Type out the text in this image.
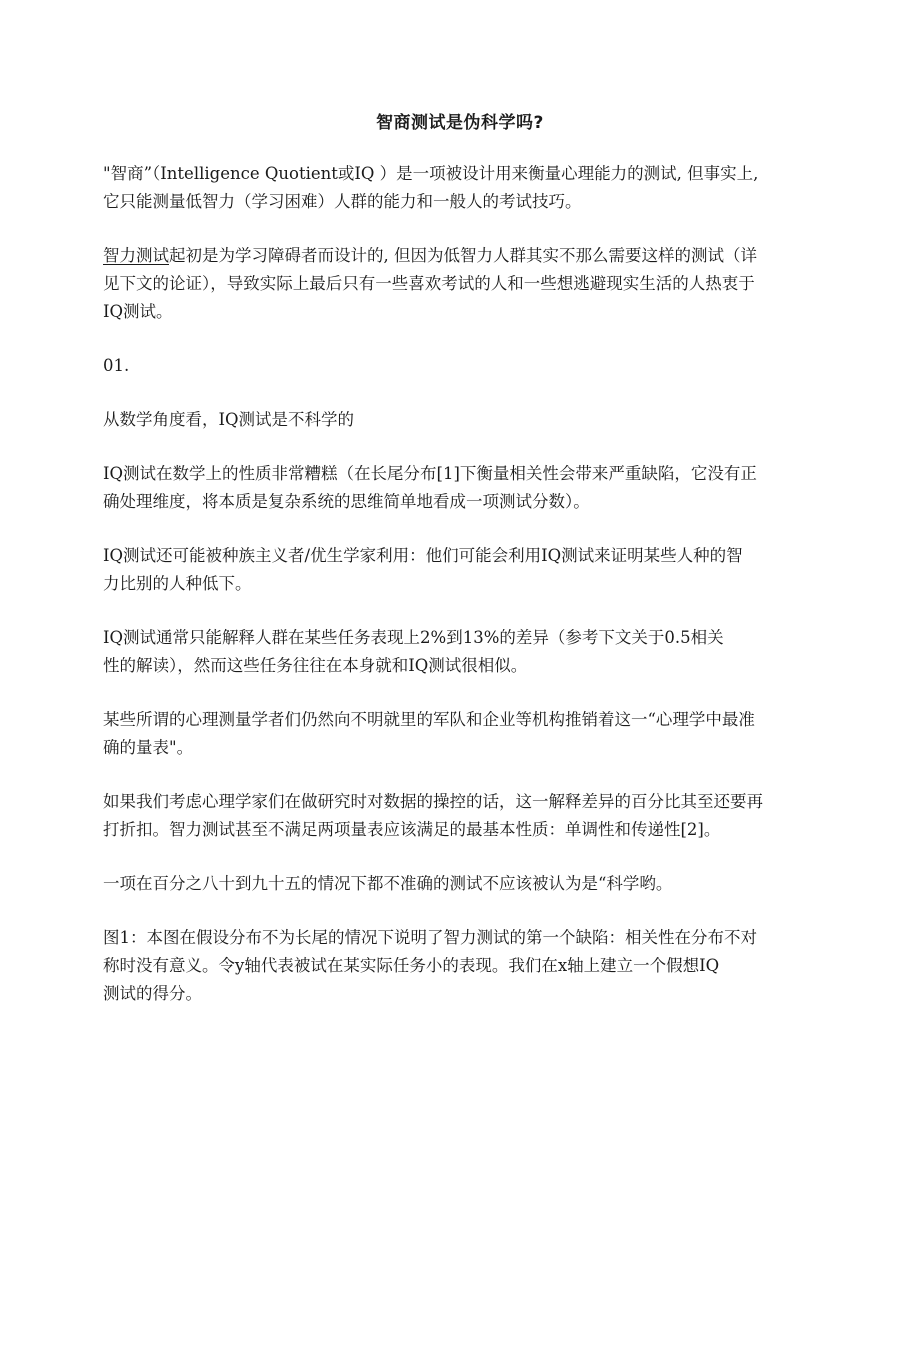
智商测试是伪科学吗?

"智商”（Intelligence Quotient或IQ ）是一项被设计用来衡量心理能力的测试, 但事实上,
它只能测量低智力（学习困难）人群的能力和一般人的考试技巧。

智力测试起初是为学习障碍者而设计的, 但因为低智力人群其实不那么需要这样的测试（详
见下文的论证），导致实际上最后只有一些喜欢考试的人和一些想逃避现实生活的人热衷于
IQ测试。

01.

从数学角度看，IQ测试是不科学的

IQ测试在数学上的性质非常糟糕（在长尾分布[1]下衡量相关性会带来严重缺陷，它没有正
确处理维度，将本质是复杂系统的思维简单地看成一项测试分数）。

IQ测试还可能被种族主义者/优生学家利用：他们可能会利用IQ测试来证明某些人种的智
力比别的人种低下。

IQ测试通常只能解释人群在某些任务表现上2%到13%的差异（参考下文关于0.5相关
性的解读），然而这些任务往往在本身就和IQ测试很相似。

某些所谓的心理测量学者们仍然向不明就里的军队和企业等机构推销着这一“心理学中最准
确的量表"。

如果我们考虑心理学家们在做研究时对数据的操控的话，这一解释差异的百分比其至还要再
打折扣。智力测试甚至不满足两项量表应该满足的最基本性质：单调性和传递性[2]。

一项在百分之八十到九十五的情况下都不准确的测试不应该被认为是“科学哟。

图1：本图在假设分布不为长尾的情况下说明了智力测试的第一个缺陷：相关性在分布不对
称时没有意义。令y轴代表被试在某实际任务小的表现。我们在x轴上建立一个假想IQ
测试的得分。
